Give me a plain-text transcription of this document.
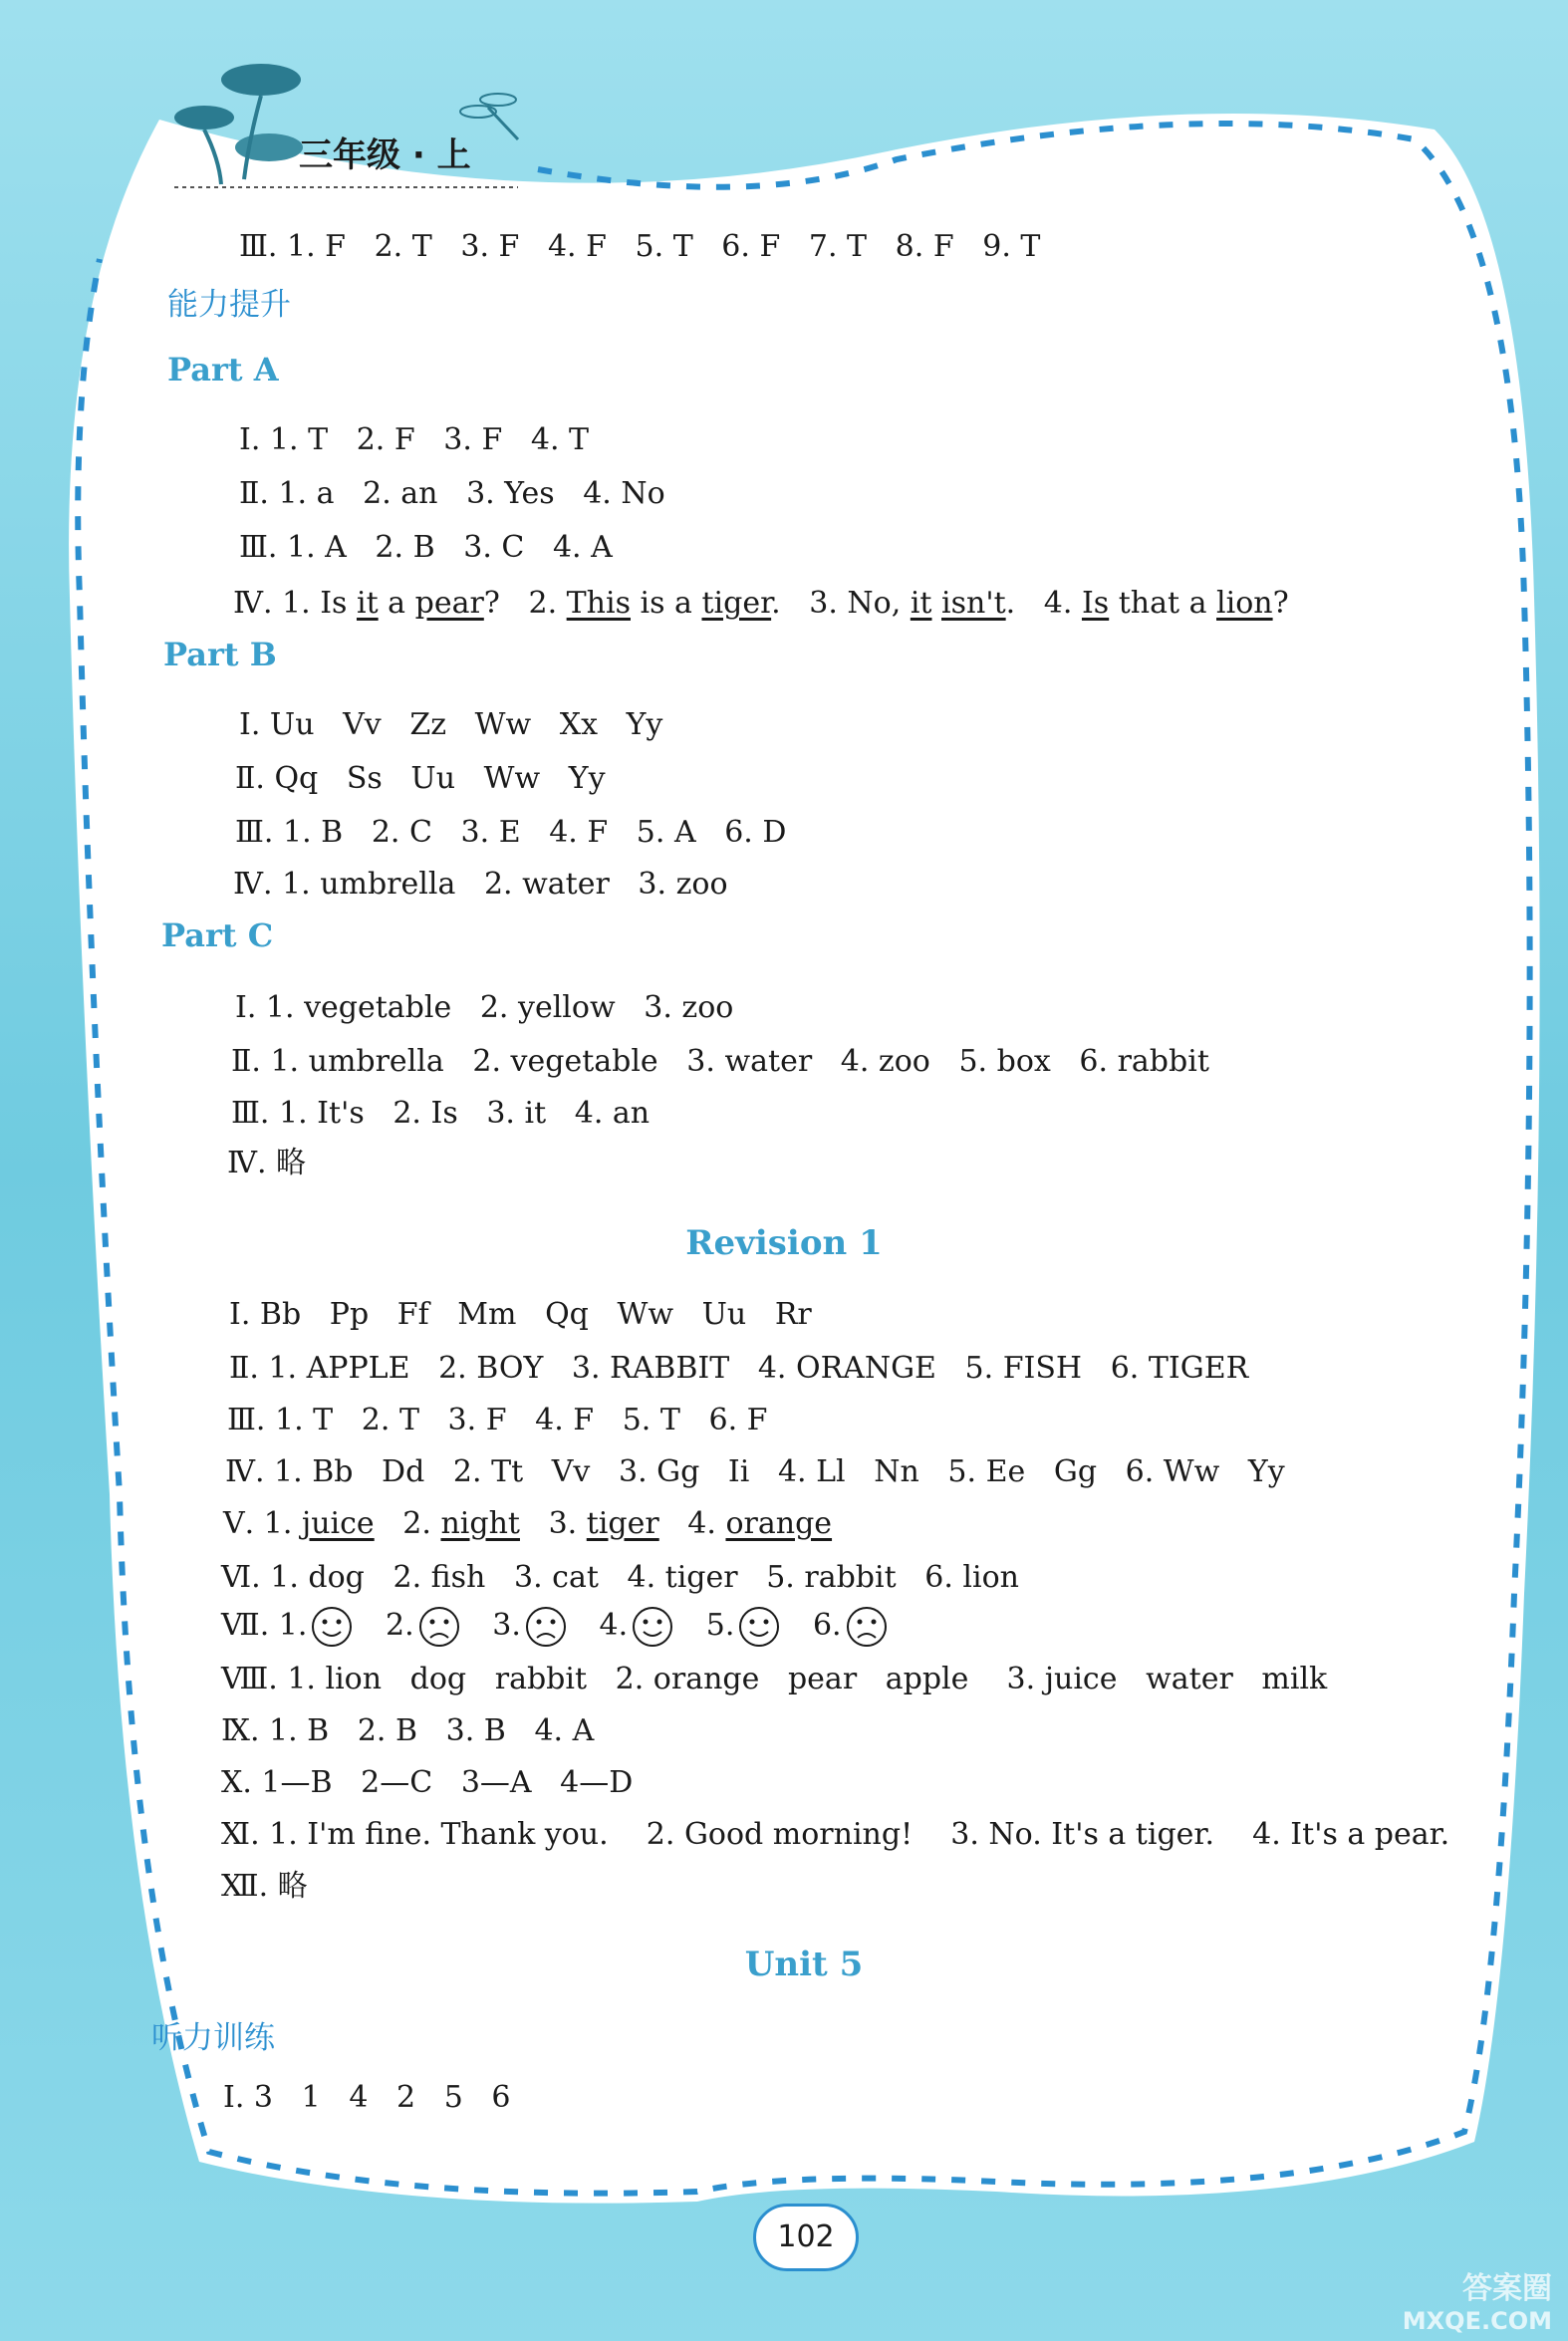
三年级 · 上
Ⅲ. 1. F   2. T   3. F   4. F   5. T   6. F   7. T   8. F   9. T
能力提升
Part A
Ⅰ. 1. T   2. F   3. F   4. T
Ⅱ. 1. a   2. an   3. Yes   4. No
Ⅲ. 1. A   2. B   3. C   4. A
Ⅳ. 1. Is it a pear?   2. This is a tiger.   3. No, it isn't.   4. Is that a lion?
Part B
Ⅰ. Uu   Vv   Zz   Ww   Xx   Yy
Ⅱ. Qq   Ss   Uu   Ww   Yy
Ⅲ. 1. B   2. C   3. E   4. F   5. A   6. D
Ⅳ. 1. umbrella   2. water   3. zoo
Part C
Ⅰ. 1. vegetable   2. yellow   3. zoo
Ⅱ. 1. umbrella   2. vegetable   3. water   4. zoo   5. box   6. rabbit
Ⅲ. 1. It's   2. Is   3. it   4. an
Ⅳ. 略
Revision 1
Ⅰ. Bb   Pp   Ff   Mm   Qq   Ww   Uu   Rr
Ⅱ. 1. APPLE   2. BOY   3. RABBIT   4. ORANGE   5. FISH   6. TIGER
Ⅲ. 1. T   2. T   3. F   4. F   5. T   6. F
Ⅳ. 1. Bb   Dd   2. Tt   Vv   3. Gg   Ii   4. Ll   Nn   5. Ee   Gg   6. Ww   Yy
Ⅴ. 1. juice   2. night   3. tiger   4. orange
Ⅵ. 1. dog   2. fish   3. cat   4. tiger   5. rabbit   6. lion
Ⅶ. 1.	2.	3.	4.	5.	6.
Ⅷ. 1. lion   dog   rabbit   2. orange   pear   apple    3. juice   water   milk
Ⅸ. 1. B   2. B   3. B   4. A
Ⅹ. 1—B   2—C   3—A   4—D
Ⅺ. 1. I'm fine. Thank you.    2. Good morning!    3. No. It's a tiger.    4. It's a pear.
Ⅻ. 略
Unit 5
听力训练
Ⅰ. 3   1   4   2   5   6
102
答案圈
MXQE.COM
